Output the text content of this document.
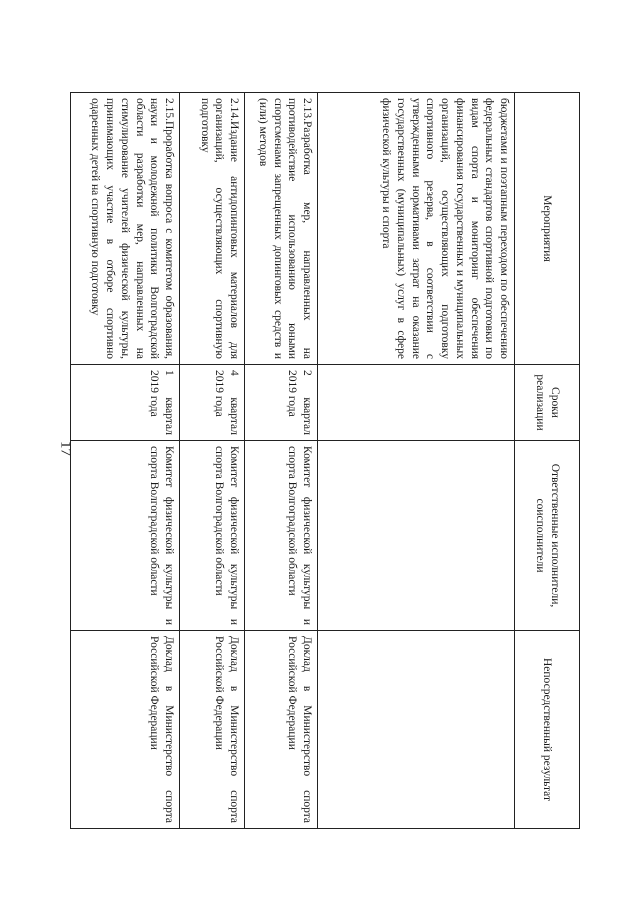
17
Мероприятия	Сроки реализации	Ответственные исполнители, соисполнители	Непосредственный результат
бюджетами и поэтапным переходом по обеспечению федеральных стандартов спортивной подготовки по видам спорта и мониторинг обеспечения финансирования государственных и муниципальных организаций, осуществляющих подготовку спортивного резерва, в соответствии с утвержденными нормативами затрат на оказание государственных (муниципальных) услуг в сфере физической культуры и спорта			
2.13.Разработка мер, направленных на противодействие использованию юными спортсменами запрещенных допинговых средств и (или) методов	2 квартал 2019 года	Комитет физической культуры и спорта Волгоградской области	Доклад в Министерство спорта Российской Федерации
2.14.Издание антидопинговых материалов для организаций, осуществляющих спортивную подготовку	4 квартал 2019 года	Комитет физической культуры и спорта Волгоградской области	Доклад в Министерство спорта Российской Федерации
2.15.Проработка вопроса с комитетом образования, науки и молодежной политики Волгоградской области разработки мер, направленных на стимулирование учителей физической культуры, принимающих участие в отборе спортивно одаренных детей на спортивную подготовку	1 квартал 2019 года	Комитет физической культуры и спорта Волгоградской области	Доклад в Министерство спорта Российской Федерации
